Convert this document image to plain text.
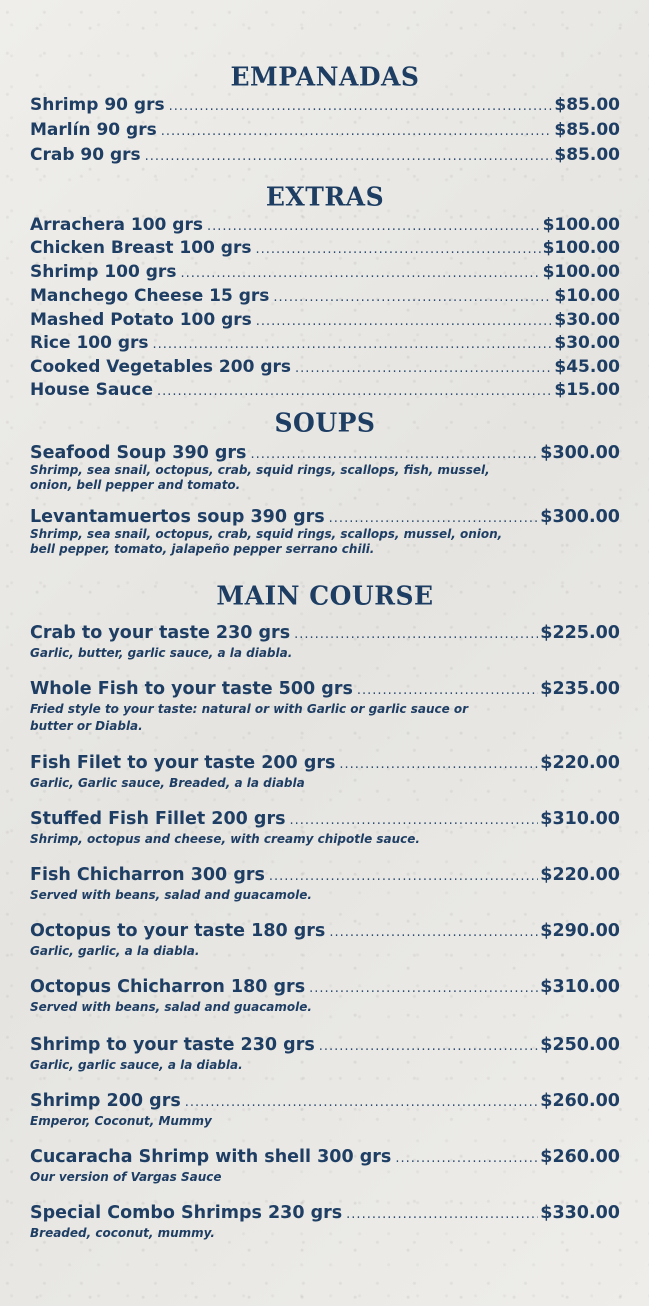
EMPANADAS
Shrimp 90 grs .....	$85.00
Marlín 90 grs .....	$85.00
Crab 90 grs .....	$85.00
EXTRAS
Arrachera 100 grs .....	$100.00
Chicken Breast 100 grs .....	$100.00
Shrimp 100 grs .....	$100.00
Manchego Cheese 15 grs .....	$10.00
Mashed Potato 100 grs .....	$30.00
Rice 100 grs .....	$30.00
Cooked Vegetables 200 grs .....	$45.00
House Sauce .....	$15.00
SOUPS
Seafood Soup 390 grs .....	$300.00
Shrimp, sea snail, octopus, crab, squid rings, scallops, fish, mussel,
onion, bell pepper and tomato.
Levantamuertos soup 390 grs .....	$300.00
Shrimp, sea snail, octopus, crab, squid rings, scallops, mussel, onion,
bell pepper, tomato, jalapeño pepper serrano chili.
MAIN COURSE
Crab to your taste 230 grs .....	$225.00
Garlic, butter, garlic sauce, a la diabla.
Whole Fish to your taste 500 grs .....	$235.00
Fried style to your taste: natural or with Garlic or garlic sauce or
butter or Diabla.
Fish Filet to your taste 200 grs .....	$220.00
Garlic, Garlic sauce, Breaded, a la diabla
Stuffed Fish Fillet 200 grs .....	$310.00
Shrimp, octopus and cheese, with creamy chipotle sauce.
Fish Chicharron 300 grs .....	$220.00
Served with beans, salad and guacamole.
Octopus to your taste 180 grs .....	$290.00
Garlic, garlic, a la diabla.
Octopus Chicharron 180 grs .....	$310.00
Served with beans, salad and guacamole.
Shrimp to your taste 230 grs .....	$250.00
Garlic, garlic sauce, a la diabla.
Shrimp 200 grs .....	$260.00
Emperor, Coconut, Mummy
Cucaracha Shrimp with shell 300 grs .....	$260.00
Our version of Vargas Sauce
Special Combo Shrimps 230 grs .....	$330.00
Breaded, coconut, mummy.
